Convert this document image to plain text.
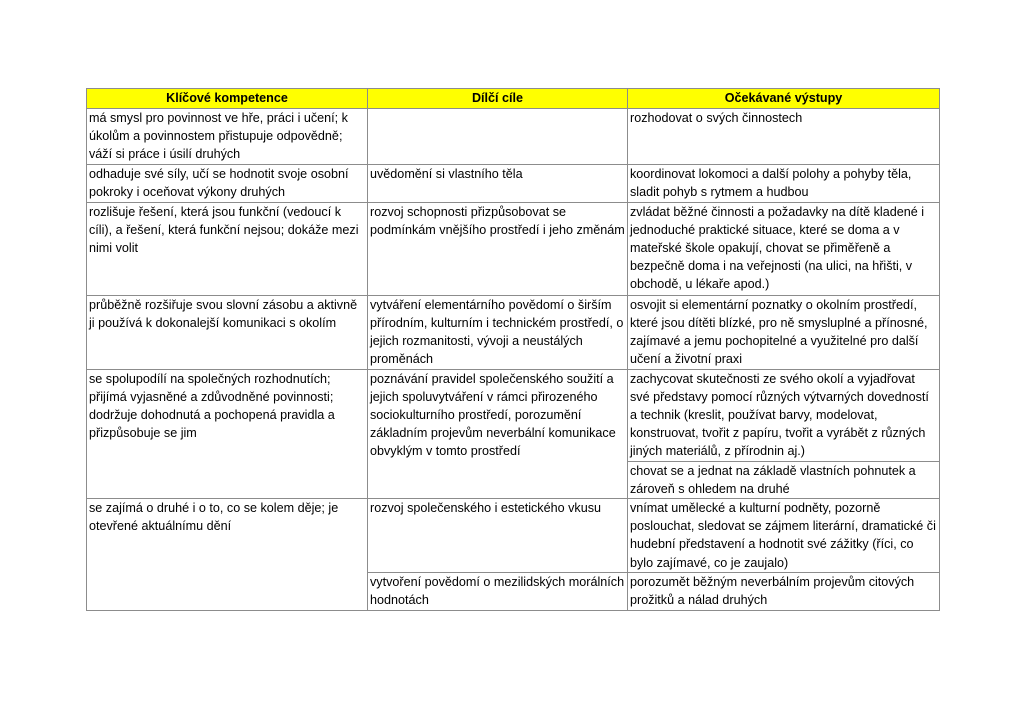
Klíčové kompetence	Dílčí cíle	Očekávané výstupy
má smysl pro povinnost ve hře, práci i učení; k úkolům a povinnostem přistupuje odpovědně; váží si práce i úsilí druhých		rozhodovat o svých činnostech
odhaduje své síly, učí se hodnotit svoje osobní pokroky i oceňovat výkony druhých	uvědomění si vlastního těla	koordinovat lokomoci a další polohy a pohyby těla, sladit pohyb s rytmem a hudbou
rozlišuje řešení, která jsou funkční (vedoucí k cíli), a řešení, která funkční nejsou; dokáže mezi nimi volit	rozvoj schopnosti přizpůsobovat se podmínkám vnějšího prostředí i jeho změnám	zvládat běžné činnosti a požadavky na dítě kladené i jednoduché praktické situace, které se doma a v mateřské škole opakují, chovat se přiměřeně a bezpečně doma i na veřejnosti (na ulici, na hřišti, v obchodě, u lékaře apod.)
průběžně rozšiřuje svou slovní zásobu a aktivně ji používá k dokonalejší komunikaci s okolím	vytváření elementárního povědomí o širším přírodním, kulturním i technickém prostředí, o jejich rozmanitosti, vývoji a neustálých proměnách	osvojit si elementární poznatky o okolním prostředí, které jsou dítěti blízké, pro ně smysluplné a přínosné, zajímavé a jemu pochopitelné a využitelné pro další učení a životní praxi
se spolupodílí na společných rozhodnutích; přijímá vyjasněné a zdůvodněné povinnosti; dodržuje dohodnutá a pochopená pravidla a přizpůsobuje se jim	poznávání pravidel společenského soužití a jejich spoluvytváření v rámci přirozeného sociokulturního prostředí, porozumění základním projevům neverbální komunikace obvyklým v tomto prostředí	zachycovat skutečnosti ze svého okolí a vyjadřovat své představy pomocí různých výtvarných dovedností a technik (kreslit, používat barvy, modelovat, konstruovat, tvořit z papíru, tvořit a vyrábět z různých jiných materiálů, z přírodnin aj.)
		chovat se a jednat na základě vlastních pohnutek a zároveň s ohledem na druhé
se zajímá o druhé i o to, co se kolem děje; je otevřené aktuálnímu dění	rozvoj společenského i estetického vkusu	vnímat umělecké a kulturní podněty, pozorně poslouchat, sledovat se zájmem literární, dramatické či hudební představení a hodnotit své zážitky (říci, co bylo zajímavé, co je zaujalo)
	vytvoření povědomí o mezilidských morálních hodnotách	porozumět běžným neverbálním projevům citových prožitků a nálad druhých
